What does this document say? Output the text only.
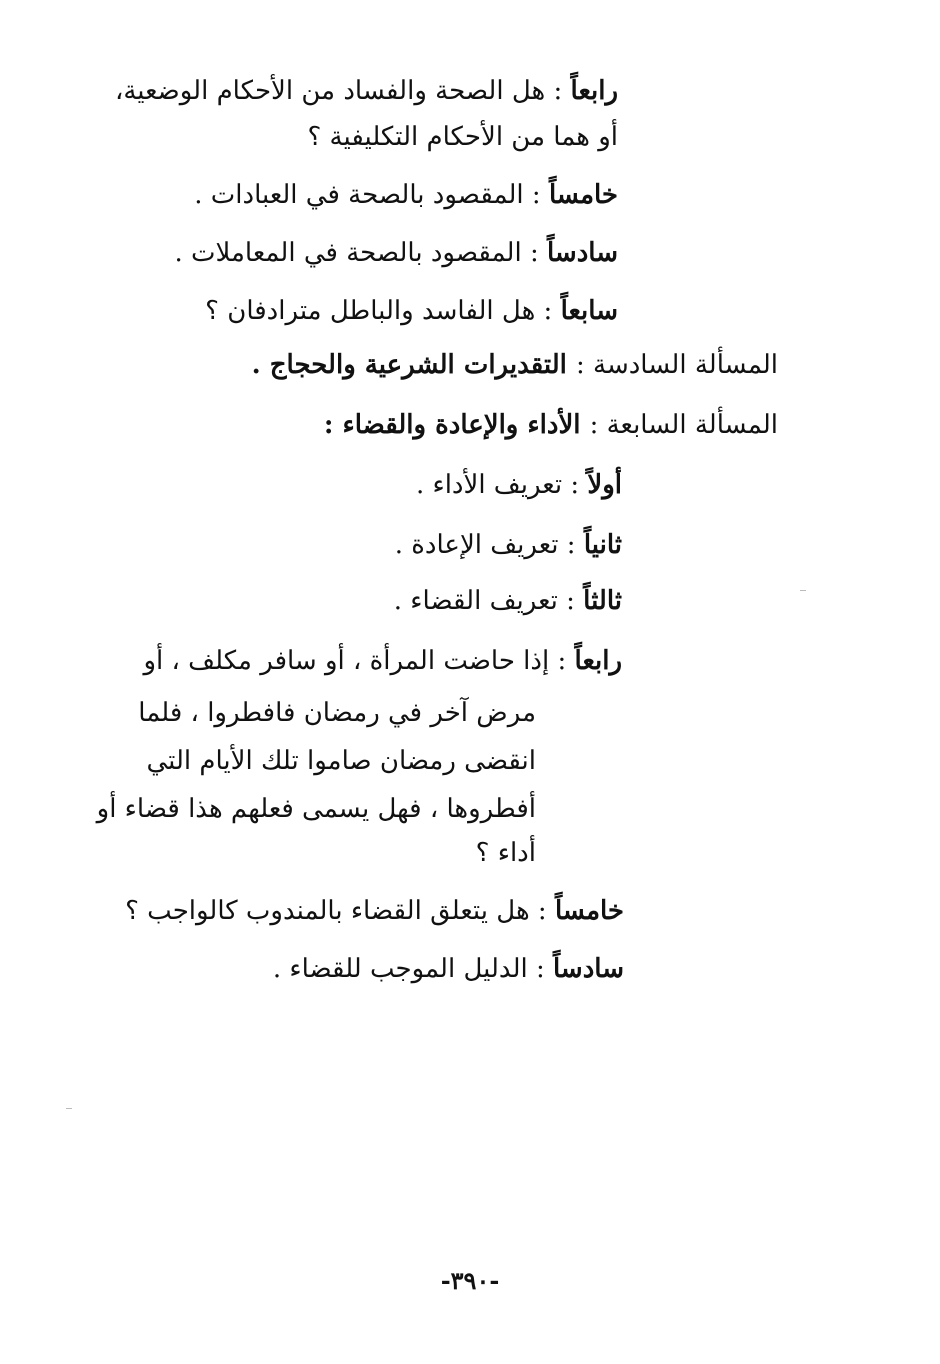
رابعاً : هل الصحة والفساد من الأحكام الوضعية،
أو هما من الأحكام التكليفية ؟
خامساً : المقصود بالصحة في العبادات .
سادساً : المقصود بالصحة في المعاملات .
سابعاً : هل الفاسد والباطل مترادفان ؟
المسألة السادسة : التقديرات الشرعية والحجاج .
المسألة السابعة : الأداء والإعادة والقضاء :
أولاً : تعريف الأداء .
ثانياً : تعريف الإعادة .
ثالثاً : تعريف القضاء .
رابعاً : إذا حاضت المرأة ، أو سافر مكلف ، أو
مرض آخر في رمضان فافطروا ، فلما
انقضى رمضان صاموا تلك الأيام التي
أفطروها ، فهل يسمى فعلهم هذا قضاء أو
أداء ؟
خامساً : هل يتعلق القضاء بالمندوب كالواجب ؟
سادساً : الدليل الموجب للقضاء .
-٣٩٠-
